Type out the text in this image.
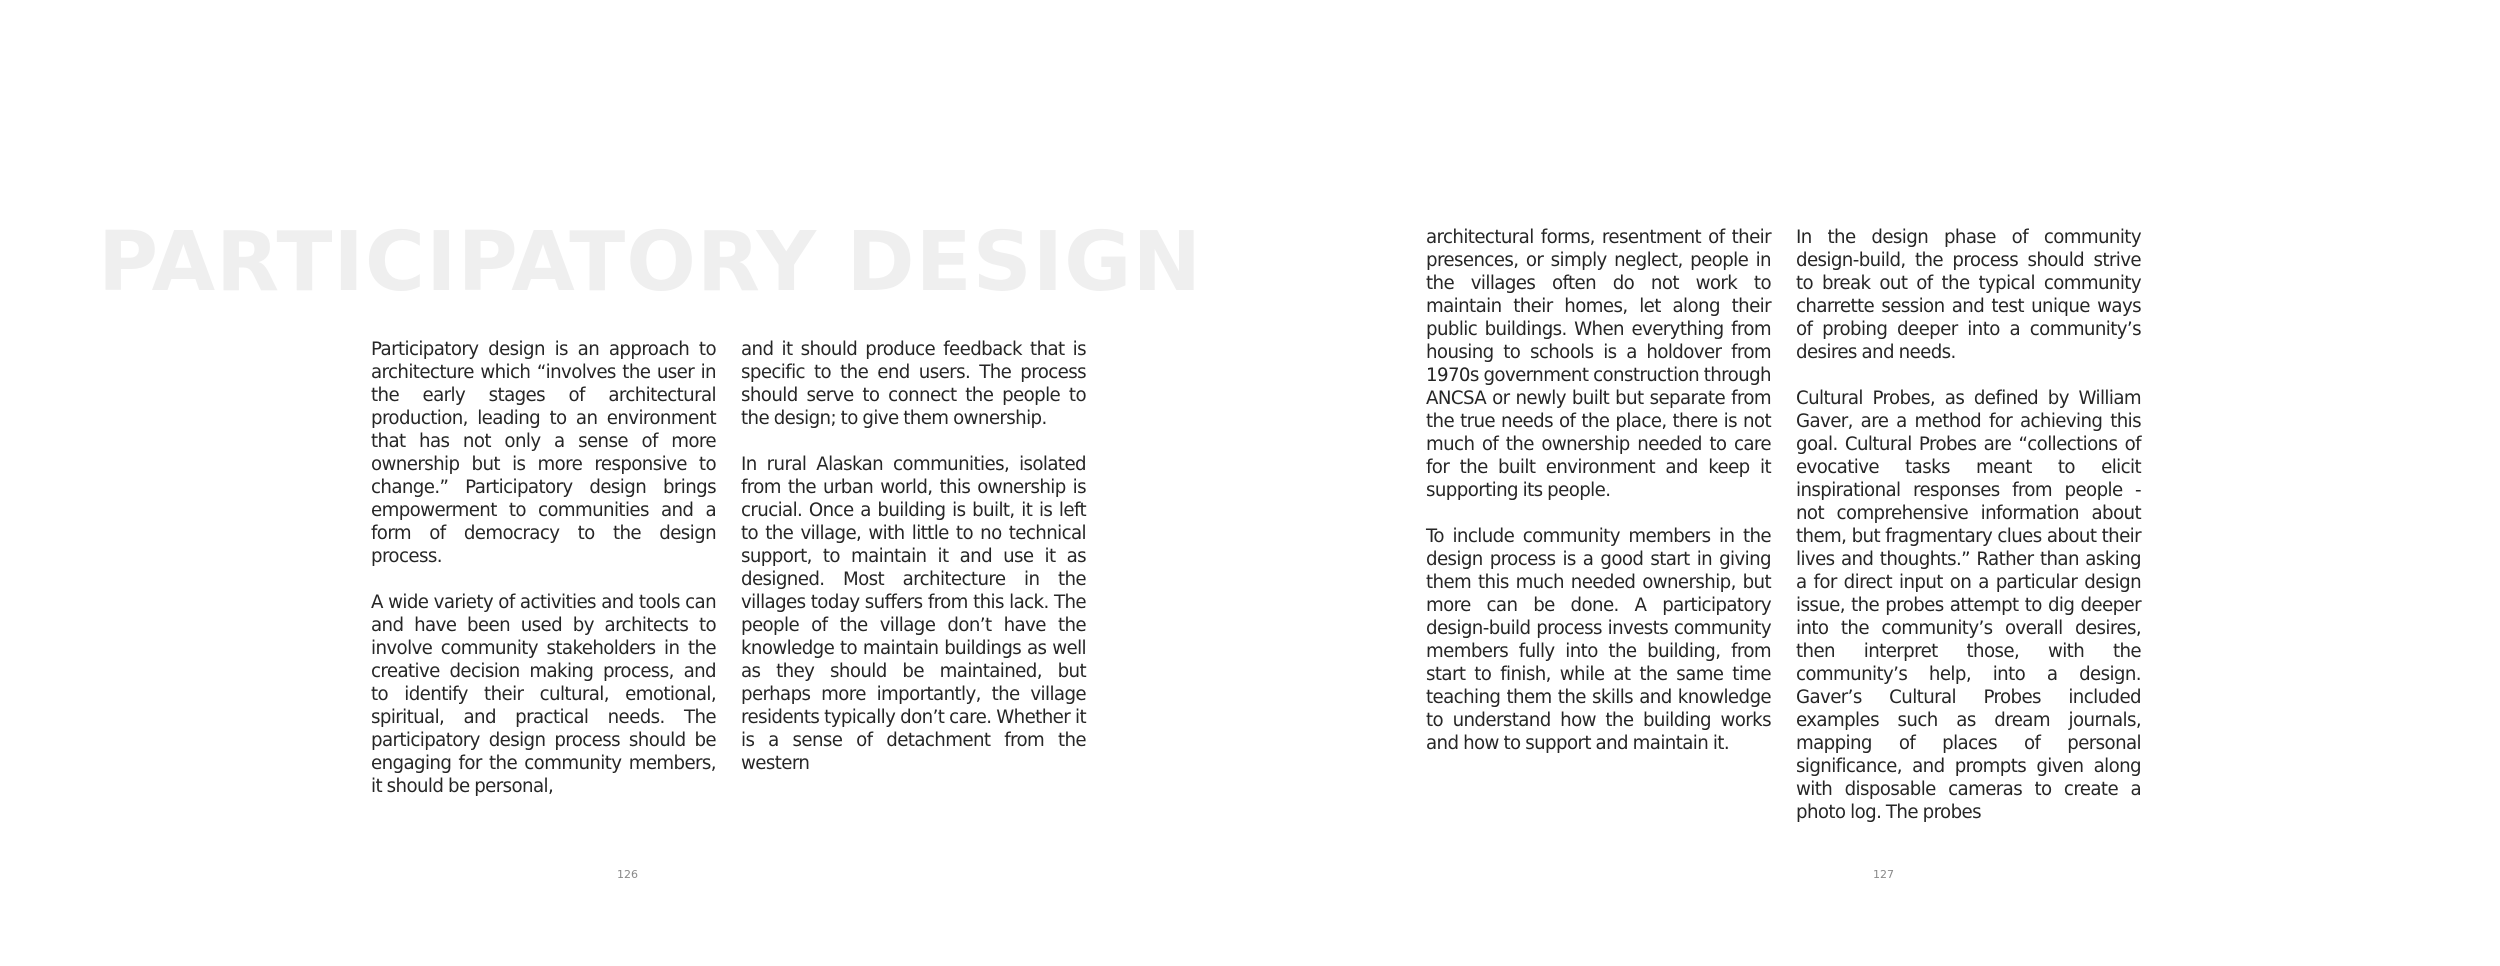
PARTICIPATORY DESIGN

Participatory design is an approach to architecture which “involves the user in the early stages of architectural production, leading to an environment that has not only a sense of more ownership but is more responsive to change.” Participatory design brings empowerment to communities and a form of democracy to the design process.

A wide variety of activities and tools can and have been used by architects to involve community stakeholders in the creative decision making process, and to identify their cultural, emotional, spiritual, and practical needs. The participatory design process should be engaging for the community members, it should be personal,

and it should produce feedback that is specific to the end users. The process should serve to connect the people to the design; to give them ownership.

In rural Alaskan communities, isolated from the urban world, this ownership is crucial. Once a building is built, it is left to the village, with little to no technical support, to maintain it and use it as designed. Most architecture in the villages today suffers from this lack. The people of the village don’t have the knowledge to maintain buildings as well as they should be maintained, but perhaps more importantly, the village residents typically don’t care. Whether it is a sense of detachment from the western

126

architectural forms, resentment of their presences, or simply neglect, people in the villages often do not work to maintain their homes, let along their public buildings. When everything from housing to schools is a holdover from 1970s government construction through ANCSA or newly built but separate from the true needs of the place, there is not much of the ownership needed to care for the built environment and keep it supporting its people.

To include community members in the design process is a good start in giving them this much needed ownership, but more can be done. A participatory design-build process invests community members fully into the building, from start to finish, while at the same time teaching them the skills and knowledge to understand how the building works and how to support and maintain it.

In the design phase of community design-build, the process should strive to break out of the typical community charrette session and test unique ways of probing deeper into a community’s desires and needs.

Cultural Probes, as defined by William Gaver, are a method for achieving this goal. Cultural Probes are “collections of evocative tasks meant to elicit inspirational responses from people - not comprehensive information about them, but fragmentary clues about their lives and thoughts.” Rather than asking a for direct input on a particular design issue, the probes attempt to dig deeper into the community’s overall desires, then interpret those, with the community’s help, into a design. Gaver’s Cultural Probes included examples such as dream journals, mapping of places of personal significance, and prompts given along with disposable cameras to create a photo log. The probes

127
